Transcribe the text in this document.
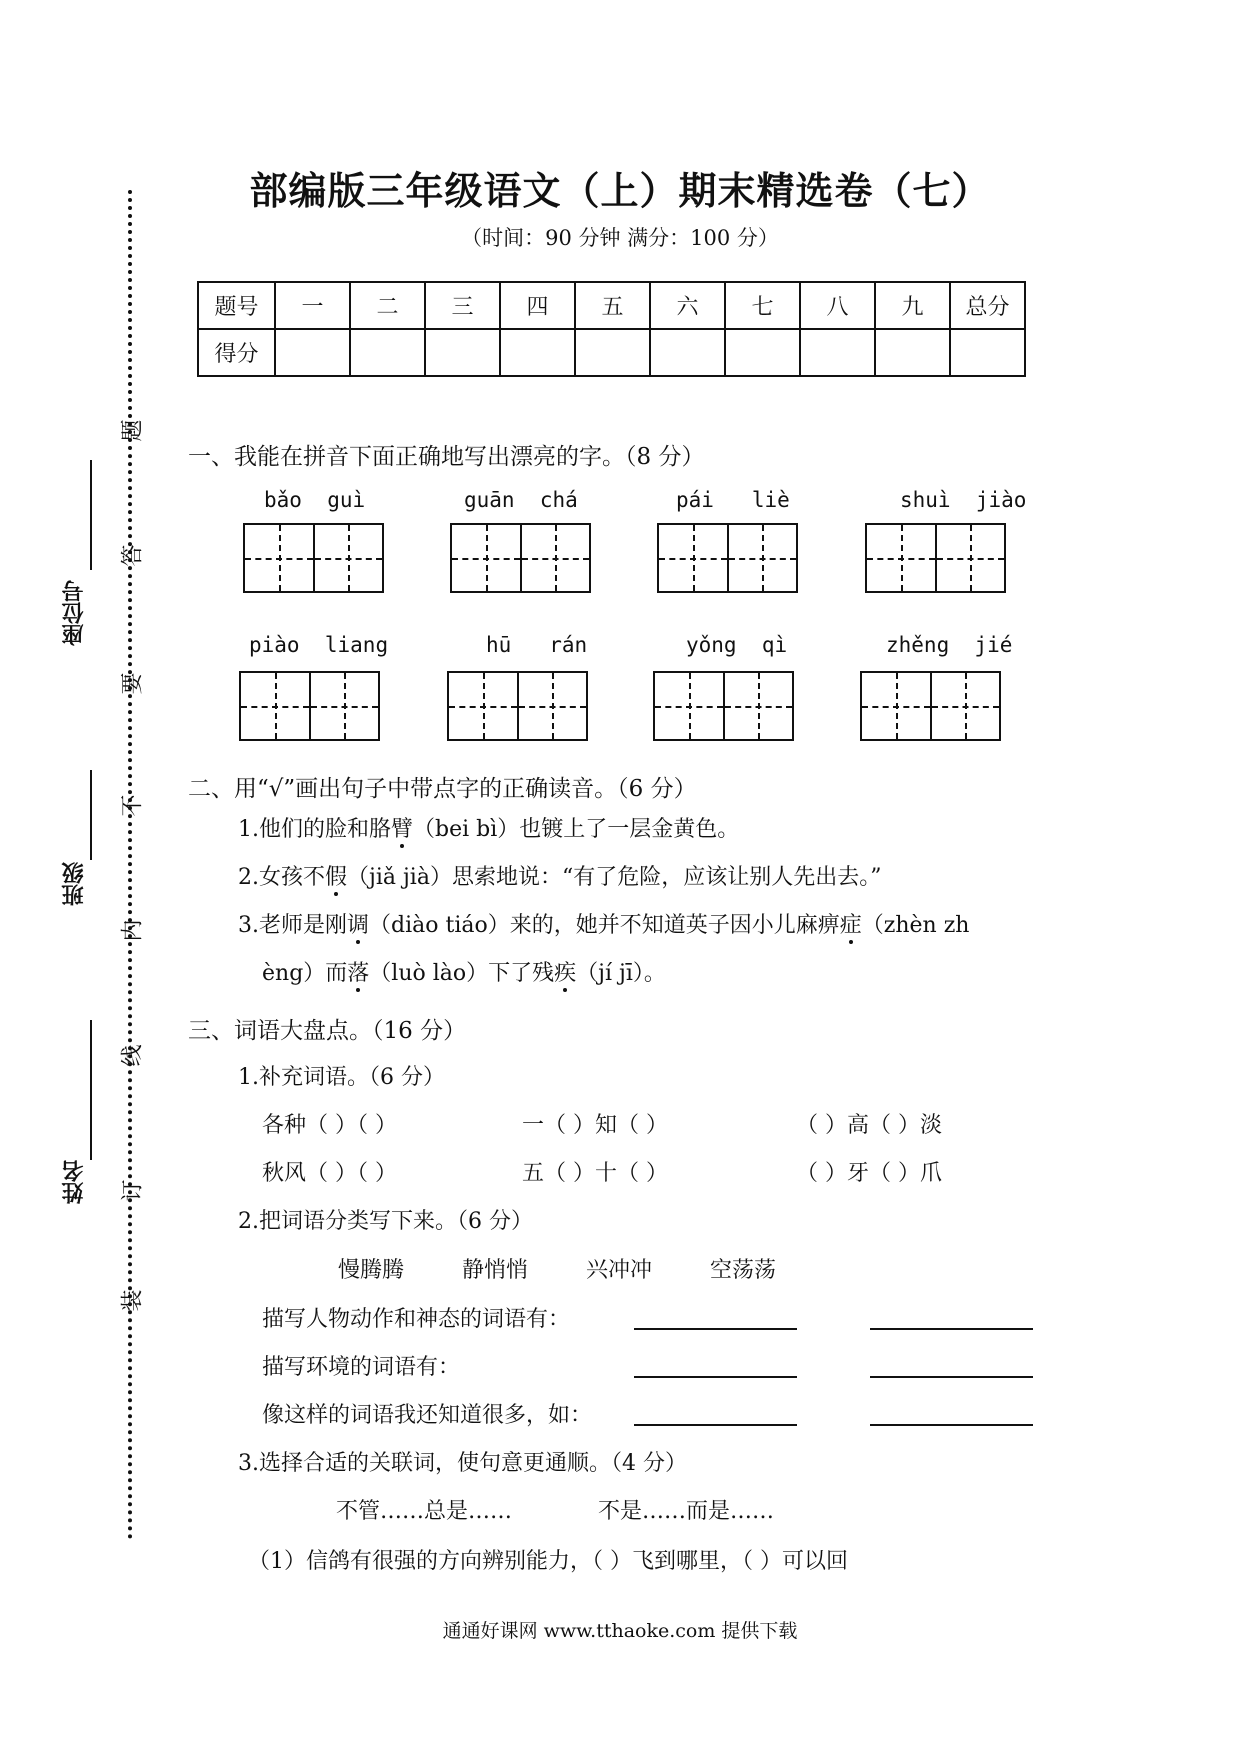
姓名
班级
座位号
装
订
线
内
不
要
答
题
部编版三年级语文（上）期末精选卷（七）
（时间：90 分钟 满分：100 分）
题号	一	二	三	四	五	六	七	八	九	总分
得分										
一、我能在拼音下面正确地写出漂亮的字。（8 分）
bǎo guì	guān chá	pái liè	shuì jiào
piào liang	hū rán	yǒng qì	zhěng jié
二、用“√”画出句子中带点字的正确读音。（6 分）
1.他们的脸和胳臂（bei bì）也镀上了一层金黄色。
2.女孩不假（jiǎ jià）思索地说：“有了危险，应该让别人先出去。”
3.老师是刚调（diào tiáo）来的，她并不知道英子因小儿麻痹症（zhèn zh
èng）而落（luò lào）下了残疾（jí jī）。
三、词语大盘点。（16 分）
1.补充词语。（6 分）
各种（ ）（ ）	一（ ）知（ ）	（ ）高（ ）淡
秋风（ ）（ ）	五（ ）十（ ）	（ ）牙（ ）爪
2.把词语分类写下来。（6 分）
慢腾腾	静悄悄	兴冲冲	空荡荡
描写人物动作和神态的词语有：
描写环境的词语有：
像这样的词语我还知道很多，如：
3.选择合适的关联词，使句意更通顺。（4 分）
不管……总是……	不是……而是……
（1）信鸽有很强的方向辨别能力，（ ）飞到哪里，（ ）可以回
通通好课网 www.tthaoke.com 提供下载
